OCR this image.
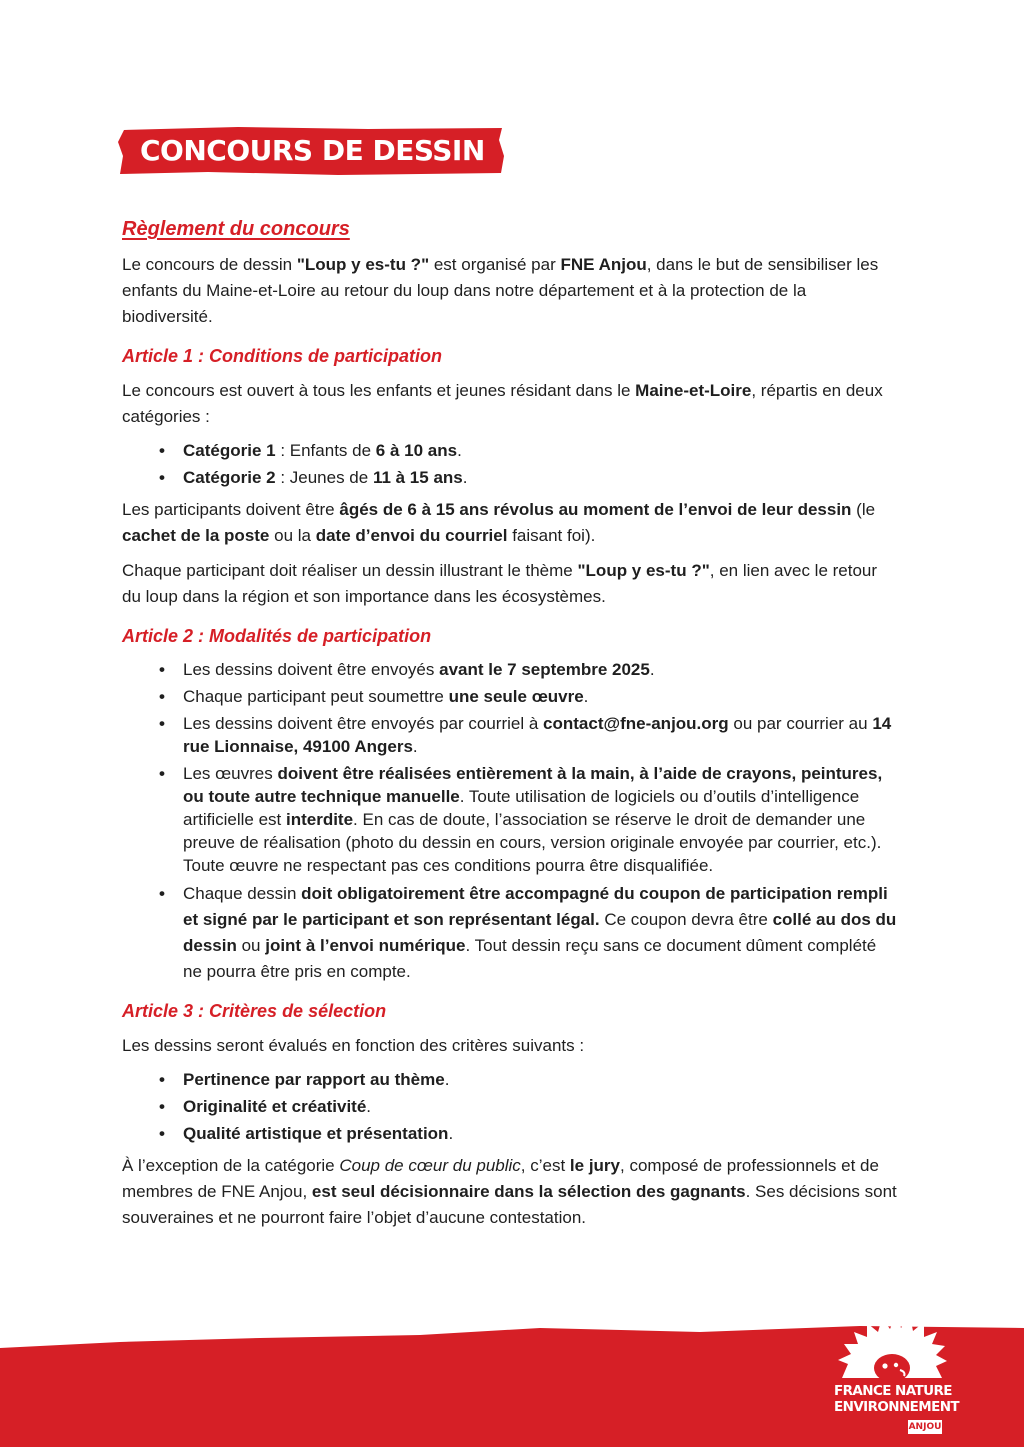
CONCOURS DE DESSIN
Règlement du concours

Le concours de dessin "Loup y es-tu ?" est organisé par FNE Anjou, dans le but de sensibiliser les enfants du Maine-et-Loire au retour du loup dans notre département et à la protection de la biodiversité.

Article 1 : Conditions de participation

Le concours est ouvert à tous les enfants et jeunes résidant dans le Maine-et-Loire, répartis en deux catégories :

• Catégorie 1 : Enfants de 6 à 10 ans.
• Catégorie 2 : Jeunes de 11 à 15 ans.

Les participants doivent être âgés de 6 à 15 ans révolus au moment de l’envoi de leur dessin (le cachet de la poste ou la date d’envoi du courriel faisant foi).

Chaque participant doit réaliser un dessin illustrant le thème "Loup y es-tu ?", en lien avec le retour du loup dans la région et son importance dans les écosystèmes.

Article 2 : Modalités de participation
• Les dessins doivent être envoyés avant le 7 septembre 2025.
• Chaque participant peut soumettre une seule œuvre.
• Les dessins doivent être envoyés par courriel à contact@fne-anjou.org ou par courrier au 14 rue Lionnaise, 49100 Angers.
• Les œuvres doivent être réalisées entièrement à la main, à l’aide de crayons, peintures, ou toute autre technique manuelle. Toute utilisation de logiciels ou d’outils d’intelligence artificielle est interdite. En cas de doute, l’association se réserve le droit de demander une preuve de réalisation (photo du dessin en cours, version originale envoyée par courrier, etc.). Toute œuvre ne respectant pas ces conditions pourra être disqualifiée.
• Chaque dessin doit obligatoirement être accompagné du coupon de participation rempli et signé par le participant et son représentant légal. Ce coupon devra être collé au dos du dessin ou joint à l’envoi numérique. Tout dessin reçu sans ce document dûment complété ne pourra être pris en compte.
Article 3 : Critères de sélection

Les dessins seront évalués en fonction des critères suivants :

• Pertinence par rapport au thème.
• Originalité et créativité.
• Qualité artistique et présentation.

À l’exception de la catégorie Coup de cœur du public, c’est le jury, composé de professionnels et de membres de FNE Anjou, est seul décisionnaire dans la sélection des gagnants. Ses décisions sont souveraines et ne pourront faire l’objet d’aucune contestation.

FRANCE NATURE
ENVIRONNEMENT
ANJOU
